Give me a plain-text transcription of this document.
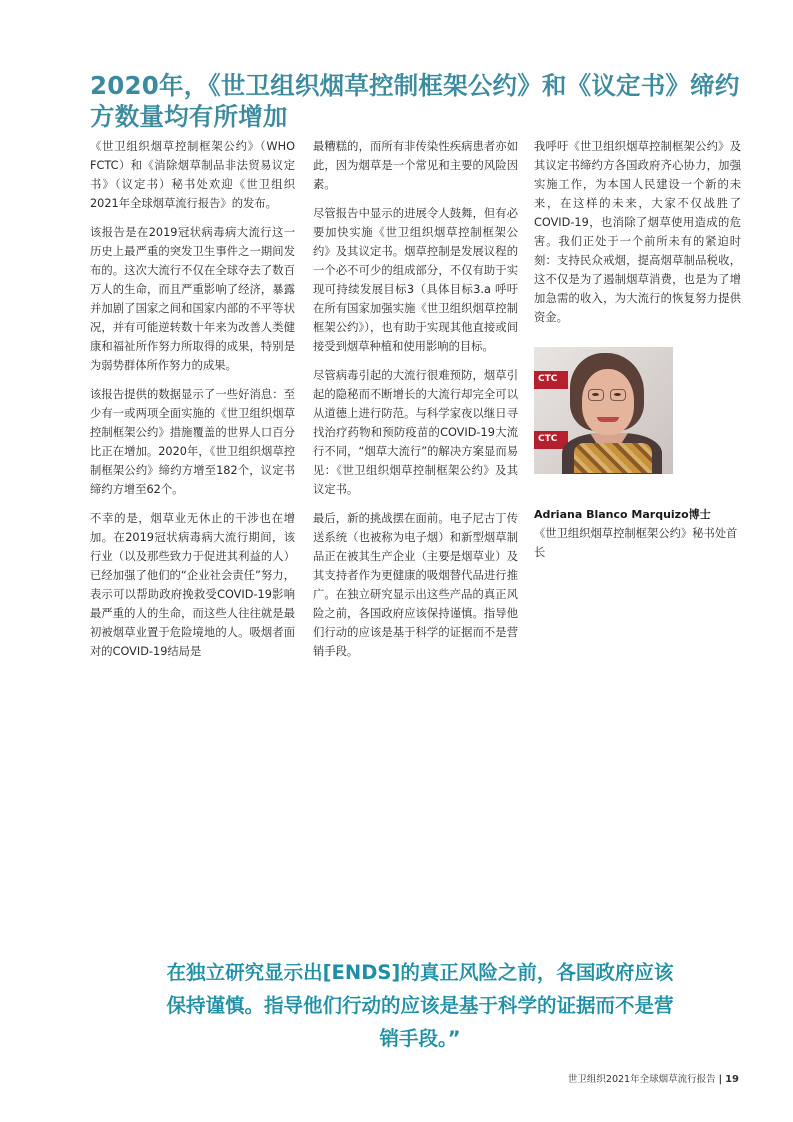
2020年，《世卫组织烟草控制框架公约》和《议定书》缔约方数量均有所增加

《世卫组织烟草控制框架公约》（WHO FCTC）和《消除烟草制品非法贸易议定书》（议定书）秘书处欢迎《世卫组织2021年全球烟草流行报告》的发布。

该报告是在2019冠状病毒病大流行这一历史上最严重的突发卫生事件之一期间发布的。这次大流行不仅在全球夺去了数百万人的生命，而且严重影响了经济，暴露并加剧了国家之间和国家内部的不平等状况，并有可能逆转数十年来为改善人类健康和福祉所作努力所取得的成果，特别是为弱势群体所作努力的成果。

该报告提供的数据显示了一些好消息：至少有一或两项全面实施的《世卫组织烟草控制框架公约》措施覆盖的世界人口百分比正在增加。2020年，《世卫组织烟草控制框架公约》缔约方增至182个，议定书缔约方增至62个。

不幸的是，烟草业无休止的干涉也在增加。在2019冠状病毒病大流行期间，该行业（以及那些致力于促进其利益的人）已经加强了他们的“企业社会责任”努力，表示可以帮助政府挽救受COVID-19影响最严重的人的生命，而这些人往往就是最初被烟草业置于危险境地的人。吸烟者面对的COVID-19结局是

最糟糕的，而所有非传染性疾病患者亦如此，因为烟草是一个常见和主要的风险因素。

尽管报告中显示的进展令人鼓舞，但有必要加快实施《世卫组织烟草控制框架公约》及其议定书。烟草控制是发展议程的一个必不可少的组成部分，不仅有助于实现可持续发展目标3（具体目标3.a 呼吁在所有国家加强实施《世卫组织烟草控制框架公约》），也有助于实现其他直接或间接受到烟草种植和使用影响的目标。

尽管病毒引起的大流行很难预防，烟草引起的隐秘而不断增长的大流行却完全可以从道德上进行防范。与科学家夜以继日寻找治疗药物和预防疫苗的COVID-19大流行不同，“烟草大流行”的解决方案显而易见：《世卫组织烟草控制框架公约》及其议定书。

最后，新的挑战摆在面前。电子尼古丁传送系统（也被称为电子烟）和新型烟草制品正在被其生产企业（主要是烟草业）及其支持者作为更健康的吸烟替代品进行推广。在独立研究显示出这些产品的真正风险之前，各国政府应该保持谨慎。指导他们行动的应该是基于科学的证据而不是营销手段。

我呼吁《世卫组织烟草控制框架公约》及其议定书缔约方各国政府齐心协力，加强实施工作，为本国人民建设一个新的未来，在这样的未来，大家不仅战胜了COVID-19，也消除了烟草使用造成的危害。我们正处于一个前所未有的紧迫时刻：支持民众戒烟，提高烟草制品税收，这不仅是为了遏制烟草消费，也是为了增加急需的收入，为大流行的恢复努力提供资金。

CTC
CTC
Adriana Blanco Marquizo博士
《世卫组织烟草控制框架公约》秘书处首长
在独立研究显示出[ENDS]的真正风险之前，各国政府应该保持谨慎。指导他们行动的应该是基于科学的证据而不是营销手段。”
世卫组织2021年全球烟草流行报告 | 19
